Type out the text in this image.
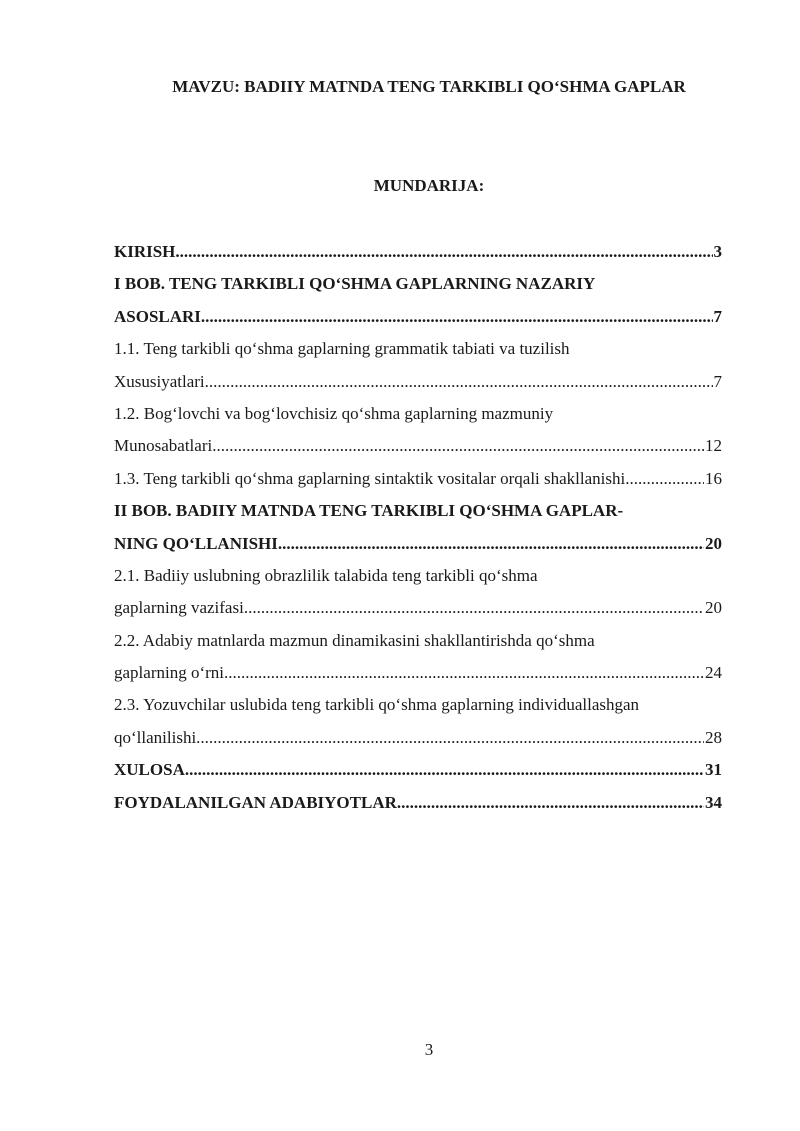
MAVZU: BADIIY MATNDA TENG TARKIBLI QO‘SHMA GAPLAR
MUNDARIJA:
KIRISH .....	3
I BOB. TENG TARKIBLI QO‘SHMA GAPLARNING NAZARIY
ASOSLARI .....	7
1.1. Teng tarkibli qo‘shma gaplarning grammatik tabiati va tuzilish
Xususiyatlari .....	7
1.2. Bog‘lovchi va bog‘lovchisiz qo‘shma gaplarning mazmuniy
Munosabatlari .....	12
1.3. Teng tarkibli qo‘shma gaplarning sintaktik vositalar orqali shakllanishi .....	16
II BOB. BADIIY MATNDA TENG TARKIBLI QO‘SHMA GAPLAR-
NING QO‘LLANISHI .....	20
2.1. Badiiy uslubning obrazlilik talabida teng tarkibli qo‘shma
gaplarning vazifasi .....	20
2.2. Adabiy matnlarda mazmun dinamikasini shakllantirishda qo‘shma
gaplarning o‘rni .....	24
2.3. Yozuvchilar uslubida teng tarkibli qo‘shma gaplarning individuallashgan
qo‘llanilishi .....	28
XULOSA .....	31
FOYDALANILGAN ADABIYOTLAR .....	34
3
